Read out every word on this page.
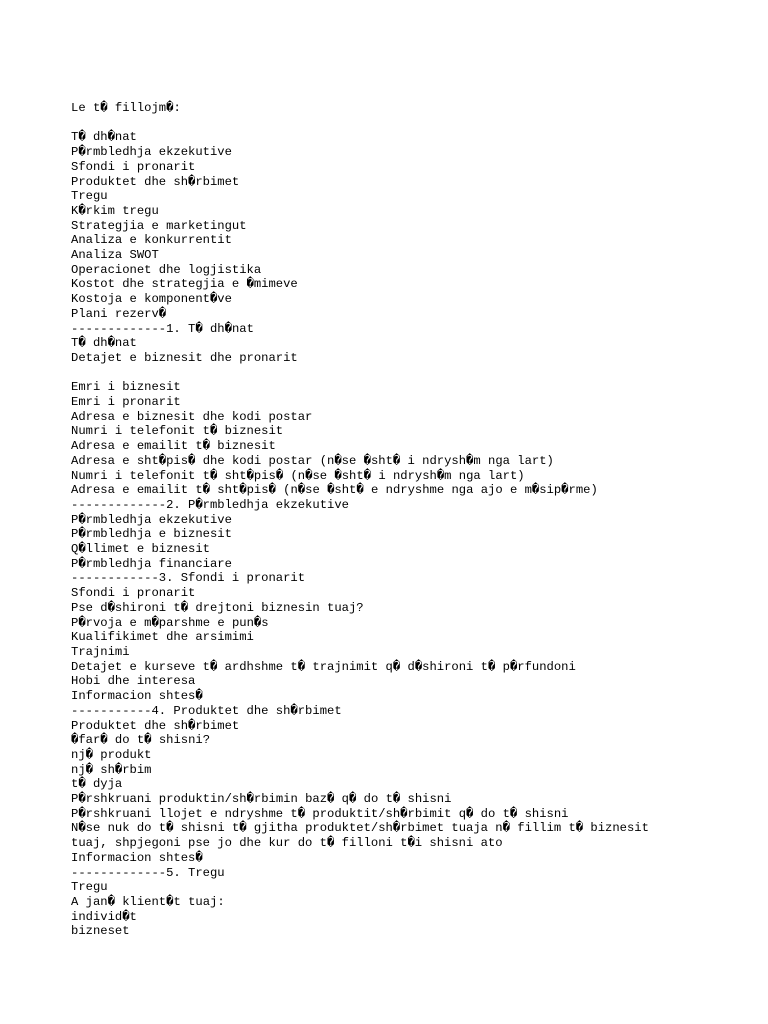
Le t� fillojm�:
T� dh�nat
P�rmbledhja ekzekutive
Sfondi i pronarit
Produktet dhe sh�rbimet
Tregu
K�rkim tregu
Strategjia e marketingut
Analiza e konkurrentit
Analiza SWOT
Operacionet dhe logjistika
Kostot dhe strategjia e �mimeve
Kostoja e komponent�ve
Plani rezerv�
-------------1. T� dh�nat
T� dh�nat
Detajet e biznesit dhe pronarit
Emri i biznesit
Emri i pronarit
Adresa e biznesit dhe kodi postar
Numri i telefonit t� biznesit
Adresa e emailit t� biznesit
Adresa e sht�pis� dhe kodi postar (n�se �sht� i ndrysh�m nga lart)
Numri i telefonit t� sht�pis� (n�se �sht� i ndrysh�m nga lart)
Adresa e emailit t� sht�pis� (n�se �sht� e ndryshme nga ajo e m�sip�rme)
-------------2. P�rmbledhja ekzekutive
P�rmbledhja ekzekutive
P�rmbledhja e biznesit
Q�llimet e biznesit
P�rmbledhja financiare
------------3. Sfondi i pronarit
Sfondi i pronarit
Pse d�shironi t� drejtoni biznesin tuaj?
P�rvoja e m�parshme e pun�s
Kualifikimet dhe arsimimi
Trajnimi
Detajet e kurseve t� ardhshme t� trajnimit q� d�shironi t� p�rfundoni
Hobi dhe interesa
Informacion shtes�
-----------4. Produktet dhe sh�rbimet
Produktet dhe sh�rbimet
�far� do t� shisni?
nj� produkt
nj� sh�rbim
t� dyja
P�rshkruani produktin/sh�rbimin baz� q� do t� shisni
P�rshkruani llojet e ndryshme t� produktit/sh�rbimit q� do t� shisni
N�se nuk do t� shisni t� gjitha produktet/sh�rbimet tuaja n� fillim t� biznesit
tuaj, shpjegoni pse jo dhe kur do t� filloni t�i shisni ato
Informacion shtes�
-------------5. Tregu
Tregu
A jan� klient�t tuaj:
individ�t
bizneset
